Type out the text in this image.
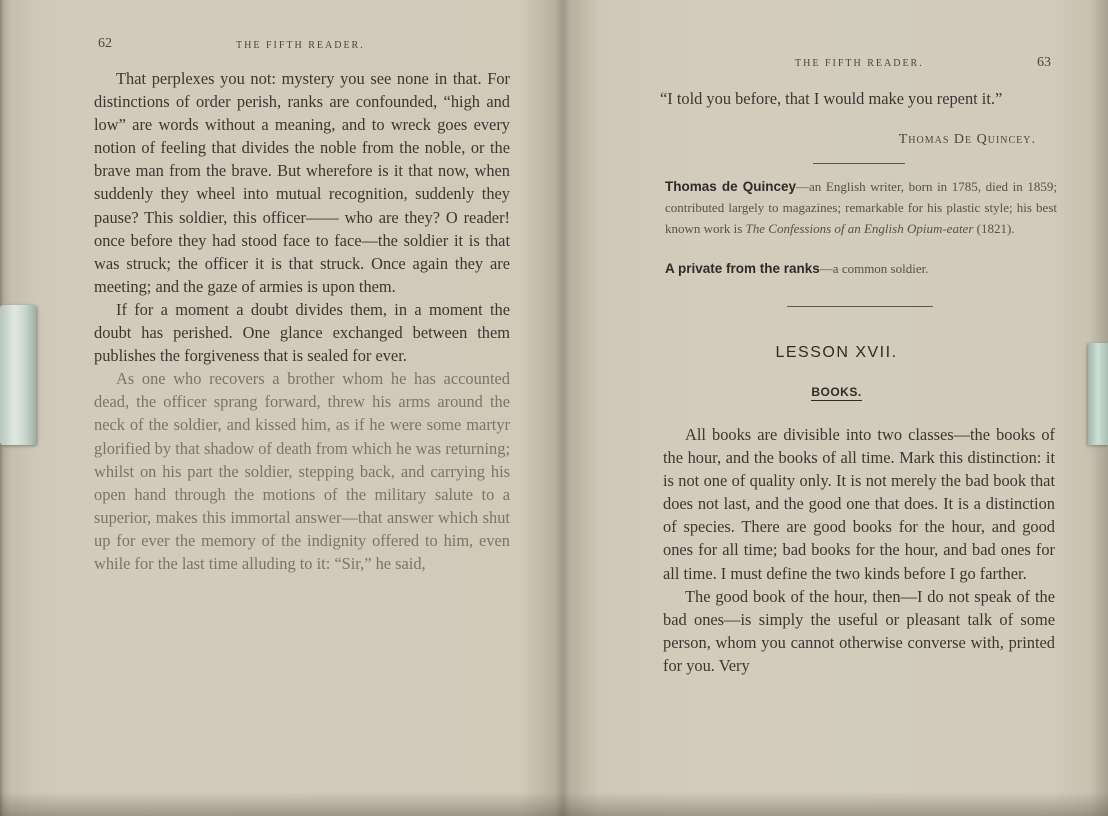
62	THE FIFTH READER.

That perplexes you not: mystery you see none in that. For distinctions of order perish, ranks are confounded, “high and low” are words without a meaning, and to wreck goes every notion of feeling that divides the noble from the noble, or the brave man from the brave. But wherefore is it that now, when suddenly they wheel into mutual recognition, suddenly they pause? This soldier, this officer—— who are they? O reader! once before they had stood face to face—the soldier it is that was struck; the officer it is that struck. Once again they are meeting; and the gaze of armies is upon them.

If for a moment a doubt divides them, in a moment the doubt has perished. One glance exchanged between them publishes the forgiveness that is sealed for ever.

As one who recovers a brother whom he has accounted dead, the officer sprang forward, threw his arms around the neck of the soldier, and kissed him, as if he were some martyr glorified by that shadow of death from which he was returning; whilst on his part the soldier, stepping back, and carrying his open hand through the motions of the military salute to a superior, makes this immortal answer—that answer which shut up for ever the memory of the indignity offered to him, even while for the last time alluding to it: “Sir,” he said,

THE FIFTH READER.	63
“I told you before, that I would make you repent it.”
Thomas De Quincey.
Thomas de Quincey—an English writer, born in 1785, died in 1859; contributed largely to magazines; remarkable for his plastic style; his best known work is The Confessions of an English Opium-eater (1821).
A private from the ranks—a common soldier.
LESSON XVII.
BOOKS.

All books are divisible into two classes—the books of the hour, and the books of all time. Mark this distinction: it is not one of quality only. It is not merely the bad book that does not last, and the good one that does. It is a distinction of species. There are good books for the hour, and good ones for all time; bad books for the hour, and bad ones for all time. I must define the two kinds before I go farther.

The good book of the hour, then—I do not speak of the bad ones—is simply the useful or pleasant talk of some person, whom you cannot otherwise converse with, printed for you. Very
